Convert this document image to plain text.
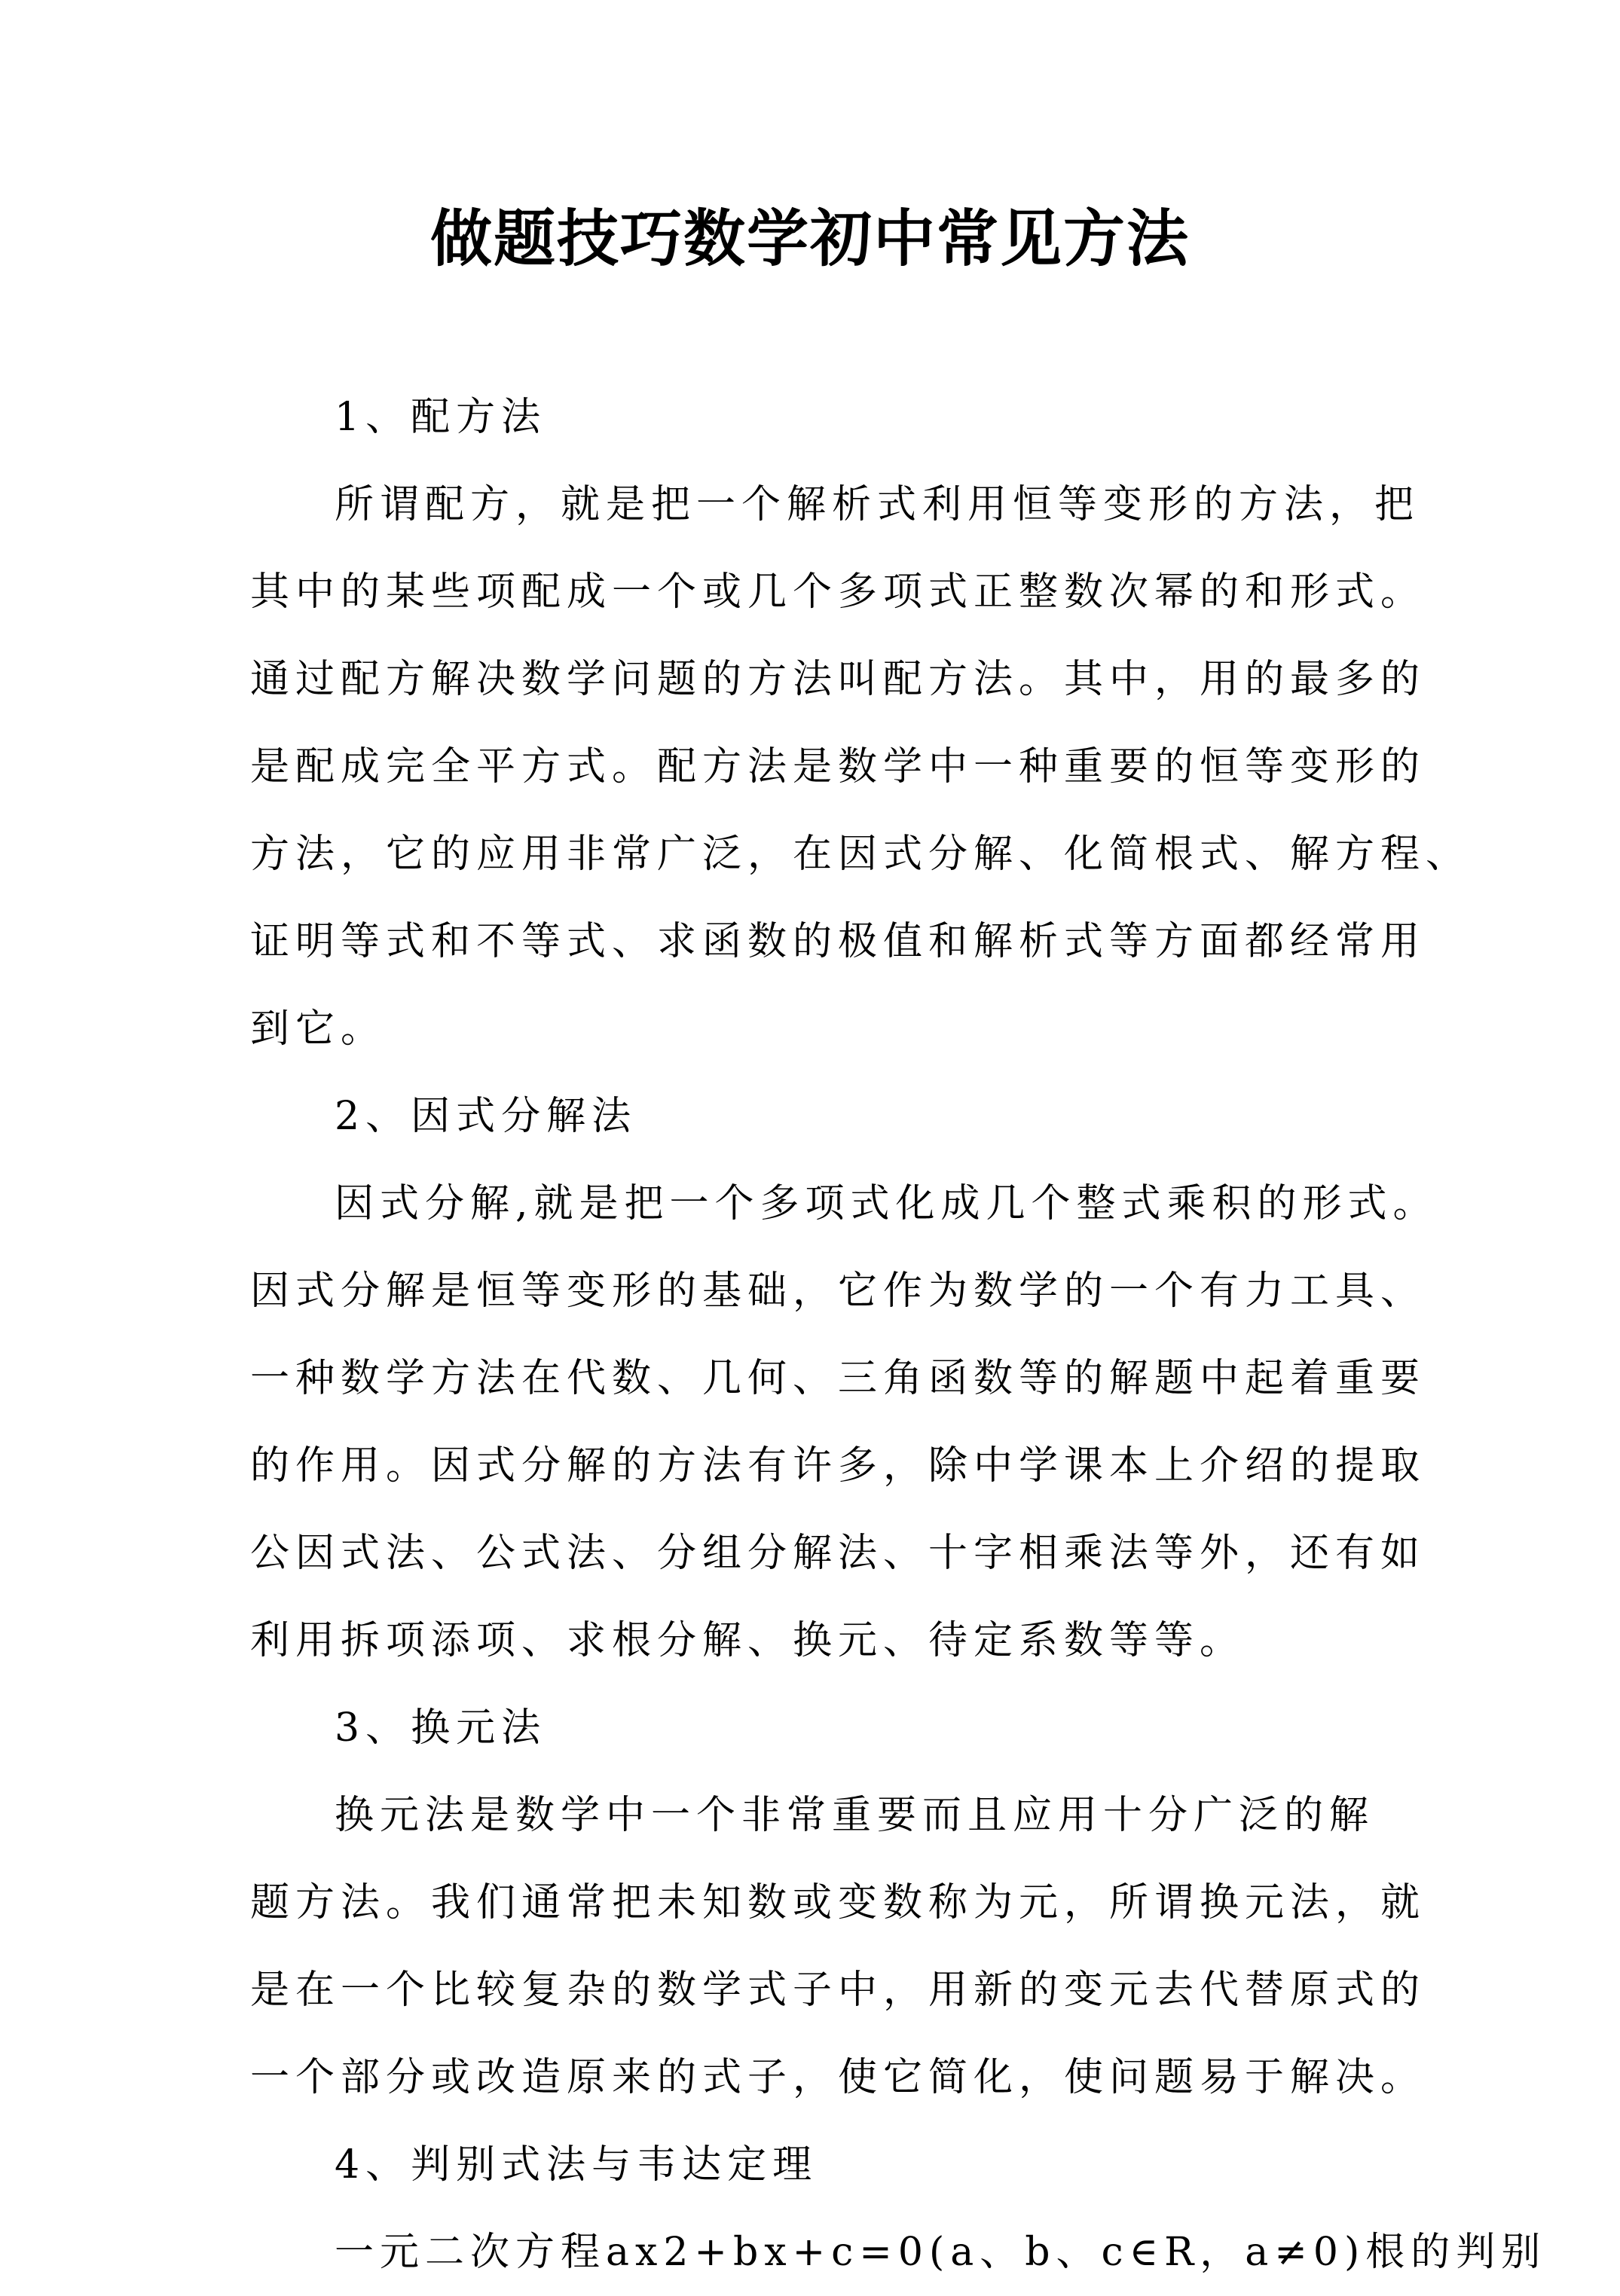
做题技巧数学初中常见方法

1、配方法

所谓配方，就是把一个解析式利用恒等变形的方法，把

其中的某些项配成一个或几个多项式正整数次幂的和形式。

通过配方解决数学问题的方法叫配方法。其中，用的最多的

是配成完全平方式。配方法是数学中一种重要的恒等变形的

方法，它的应用非常广泛，在因式分解、化简根式、解方程、

证明等式和不等式、求函数的极值和解析式等方面都经常用

到它。

2、因式分解法

因式分解,就是把一个多项式化成几个整式乘积的形式。

因式分解是恒等变形的基础，它作为数学的一个有力工具、

一种数学方法在代数、几何、三角函数等的解题中起着重要

的作用。因式分解的方法有许多，除中学课本上介绍的提取

公因式法、公式法、分组分解法、十字相乘法等外，还有如

利用拆项添项、求根分解、换元、待定系数等等。

3、换元法

换元法是数学中一个非常重要而且应用十分广泛的解

题方法。我们通常把未知数或变数称为元，所谓换元法，就

是在一个比较复杂的数学式子中，用新的变元去代替原式的

一个部分或改造原来的式子，使它简化，使问题易于解决。

4、判别式法与韦达定理

一元二次方程ax2+bx+c=0(a、b、c∈R，a≠0)根的判别
